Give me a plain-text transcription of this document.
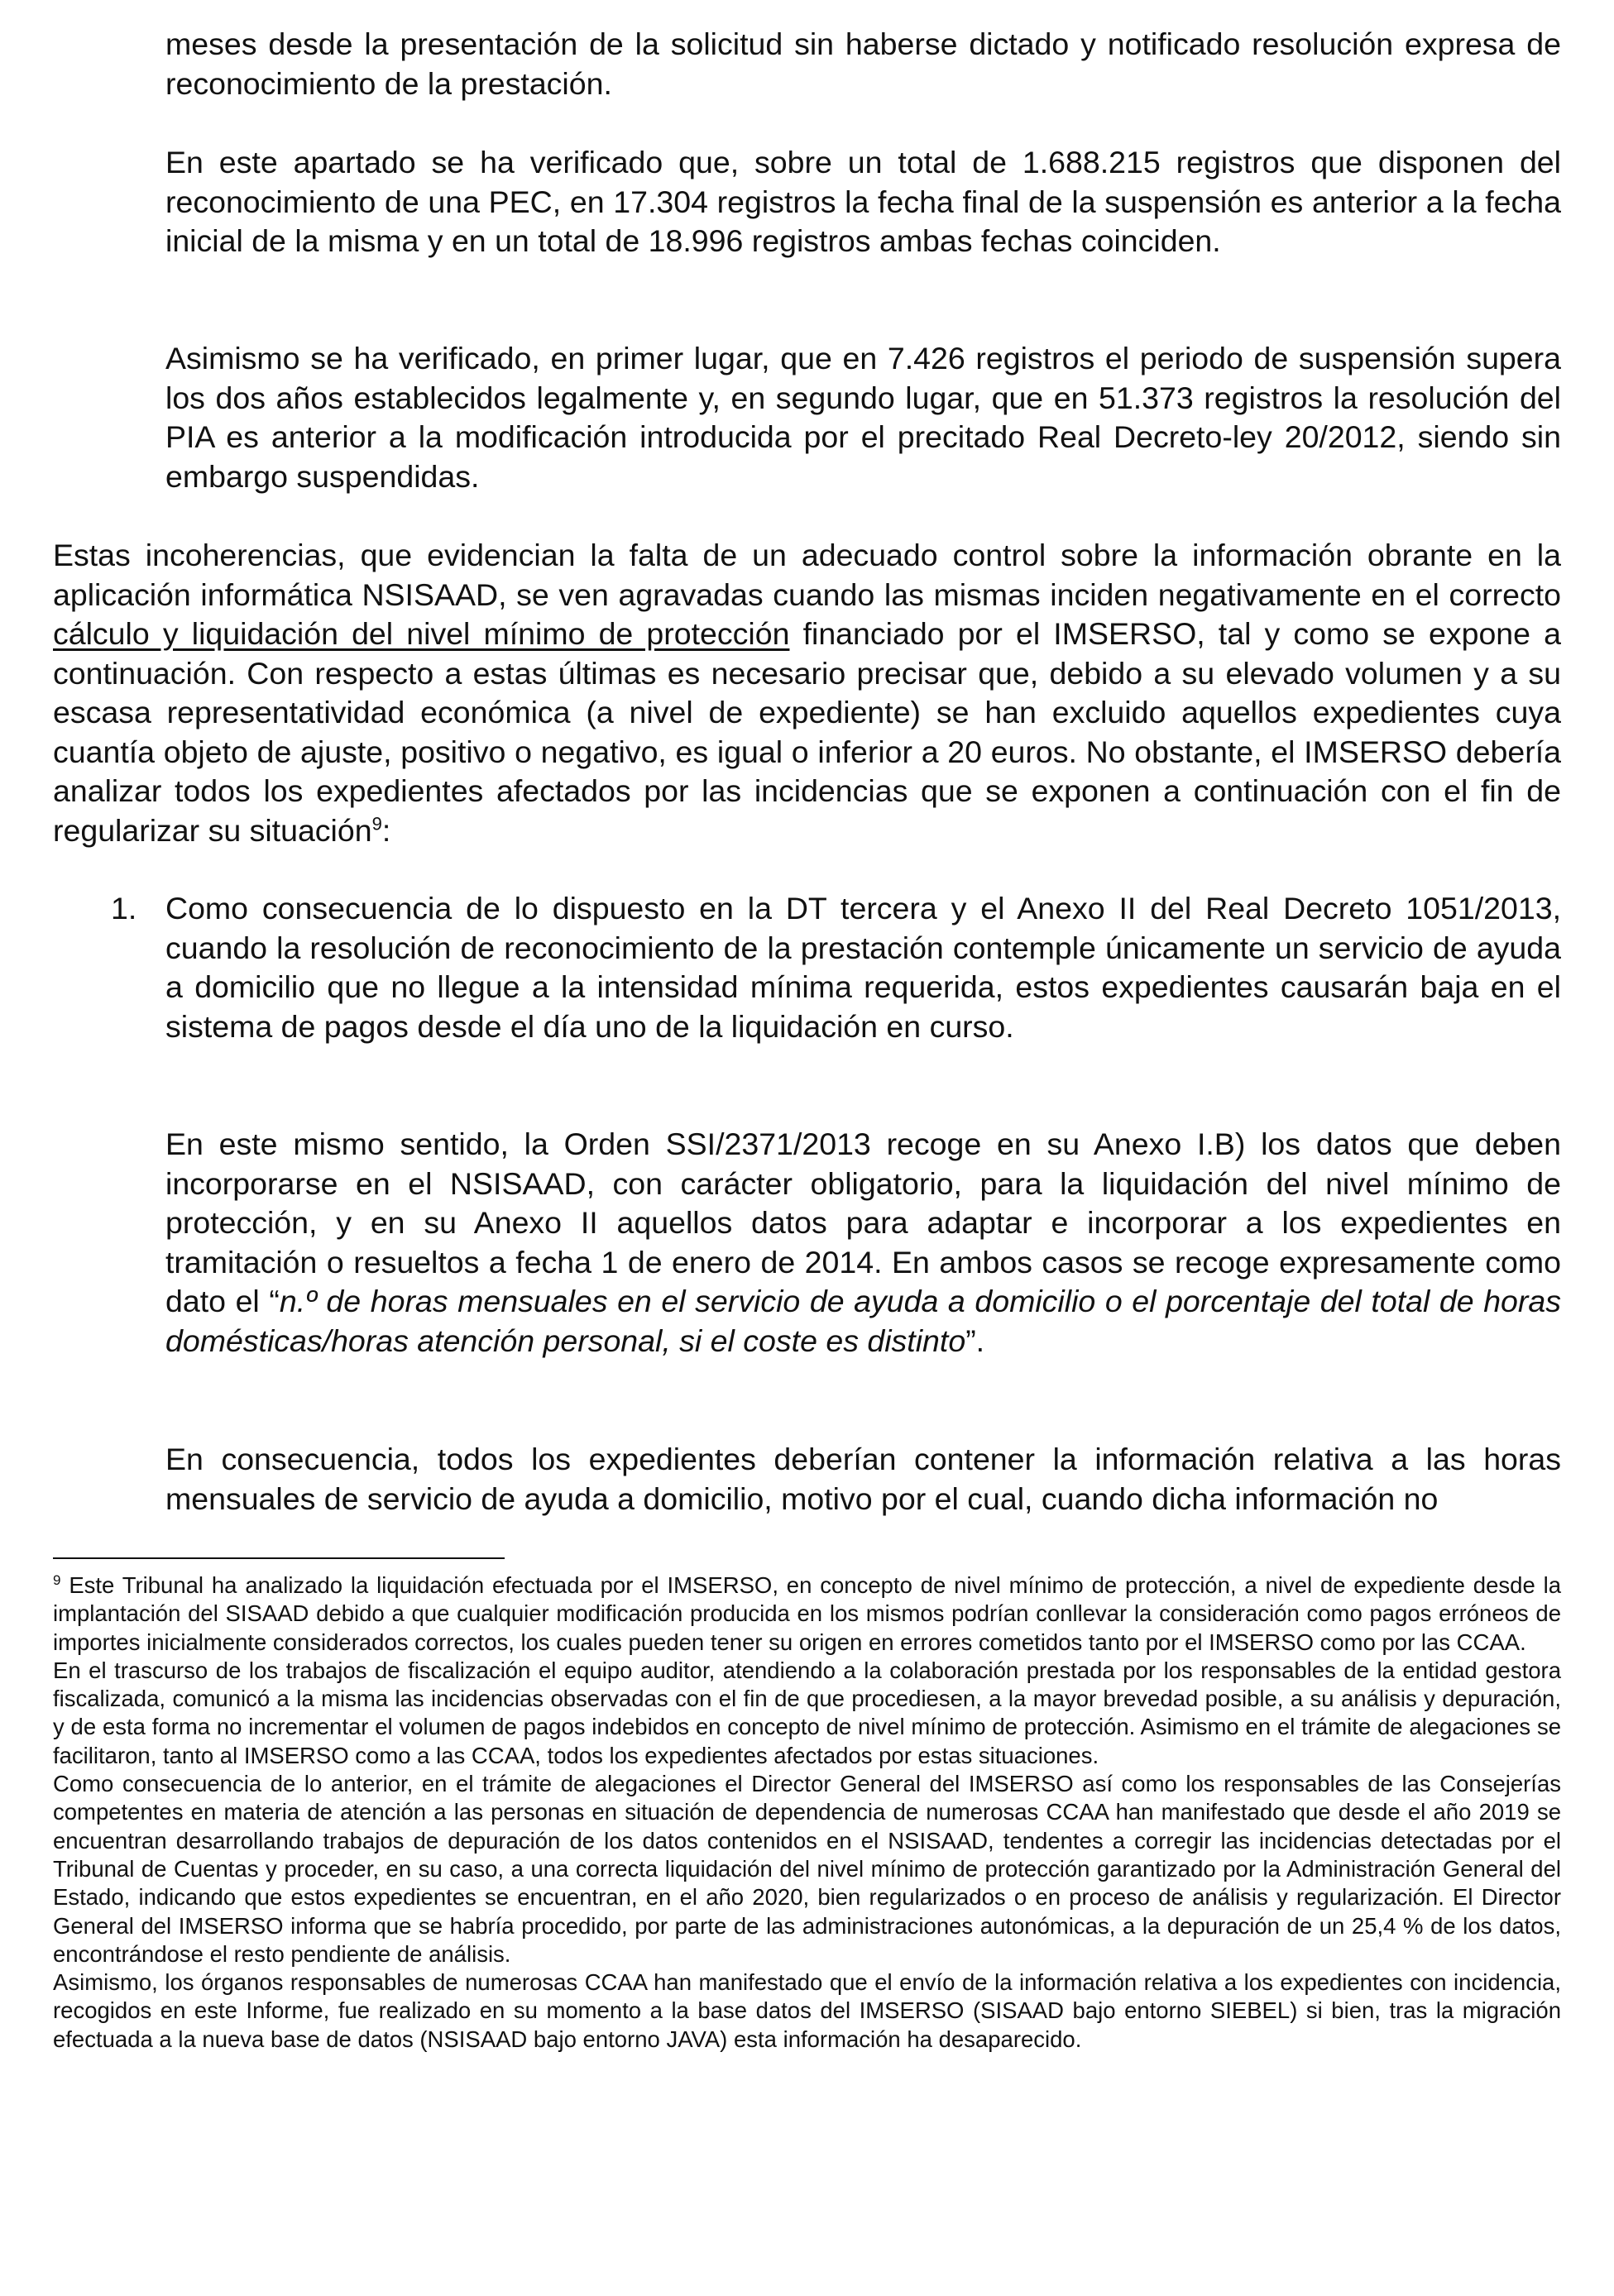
meses desde la presentación de la solicitud sin haberse dictado y notificado resolución expresa de reconocimiento de la prestación.

En este apartado se ha verificado que, sobre un total de 1.688.215 registros que disponen del reconocimiento de una PEC, en 17.304 registros la fecha final de la suspensión es anterior a la fecha inicial de la misma y en un total de 18.996 registros ambas fechas coinciden.

Asimismo se ha verificado, en primer lugar, que en 7.426 registros el periodo de suspensión supera los dos años establecidos legalmente y, en segundo lugar, que en 51.373 registros la resolución del PIA es anterior a la modificación introducida por el precitado Real Decreto-ley 20/2012, siendo sin embargo suspendidas.

Estas incoherencias, que evidencian la falta de un adecuado control sobre la información obrante en la aplicación informática NSISAAD, se ven agravadas cuando las mismas inciden negativamente en el correcto cálculo y liquidación del nivel mínimo de protección financiado por el IMSERSO, tal y como se expone a continuación. Con respecto a estas últimas es necesario precisar que, debido a su elevado volumen y a su escasa representatividad económica (a nivel de expediente) se han excluido aquellos expedientes cuya cuantía objeto de ajuste, positivo o negativo, es igual o inferior a 20 euros. No obstante, el IMSERSO debería analizar todos los expedientes afectados por las incidencias que se exponen a continuación con el fin de regularizar su situación$^9$:

1. Como consecuencia de lo dispuesto en la DT tercera y el Anexo II del Real Decreto 1051/2013, cuando la resolución de reconocimiento de la prestación contemple únicamente un servicio de ayuda a domicilio que no llegue a la intensidad mínima requerida, estos expedientes causarán baja en el sistema de pagos desde el día uno de la liquidación en curso.

En este mismo sentido, la Orden SSI/2371/2013 recoge en su Anexo I.B) los datos que deben incorporarse en el NSISAAD, con carácter obligatorio, para la liquidación del nivel mínimo de protección, y en su Anexo II aquellos datos para adaptar e incorporar a los expedientes en tramitación o resueltos a fecha 1 de enero de 2014. En ambos casos se recoge expresamente como dato el “n.º de horas mensuales en el servicio de ayuda a domicilio o el porcentaje del total de horas domésticas/horas atención personal, si el coste es distinto”.

En consecuencia, todos los expedientes deberían contener la información relativa a las horas mensuales de servicio de ayuda a domicilio, motivo por el cual, cuando dicha información no

$^9$ Este Tribunal ha analizado la liquidación efectuada por el IMSERSO, en concepto de nivel mínimo de protección, a nivel de expediente desde la implantación del SISAAD debido a que cualquier modificación producida en los mismos podrían conllevar la consideración como pagos erróneos de importes inicialmente considerados correctos, los cuales pueden tener su origen en errores cometidos tanto por el IMSERSO como por las CCAA.

En el trascurso de los trabajos de fiscalización el equipo auditor, atendiendo a la colaboración prestada por los responsables de la entidad gestora fiscalizada, comunicó a la misma las incidencias observadas con el fin de que procediesen, a la mayor brevedad posible, a su análisis y depuración, y de esta forma no incrementar el volumen de pagos indebidos en concepto de nivel mínimo de protección. Asimismo en el trámite de alegaciones se facilitaron, tanto al IMSERSO como a las CCAA, todos los expedientes afectados por estas situaciones.

Como consecuencia de lo anterior, en el trámite de alegaciones el Director General del IMSERSO así como los responsables de las Consejerías competentes en materia de atención a las personas en situación de dependencia de numerosas CCAA han manifestado que desde el año 2019 se encuentran desarrollando trabajos de depuración de los datos contenidos en el NSISAAD, tendentes a corregir las incidencias detectadas por el Tribunal de Cuentas y proceder, en su caso, a una correcta liquidación del nivel mínimo de protección garantizado por la Administración General del Estado, indicando que estos expedientes se encuentran, en el año 2020, bien regularizados o en proceso de análisis y regularización. El Director General del IMSERSO informa que se habría procedido, por parte de las administraciones autonómicas, a la depuración de un 25,4 % de los datos, encontrándose el resto pendiente de análisis.

Asimismo, los órganos responsables de numerosas CCAA han manifestado que el envío de la información relativa a los expedientes con incidencia, recogidos en este Informe, fue realizado en su momento a la base datos del IMSERSO (SISAAD bajo entorno SIEBEL) si bien, tras la migración efectuada a la nueva base de datos (NSISAAD bajo entorno JAVA) esta información ha desaparecido.
